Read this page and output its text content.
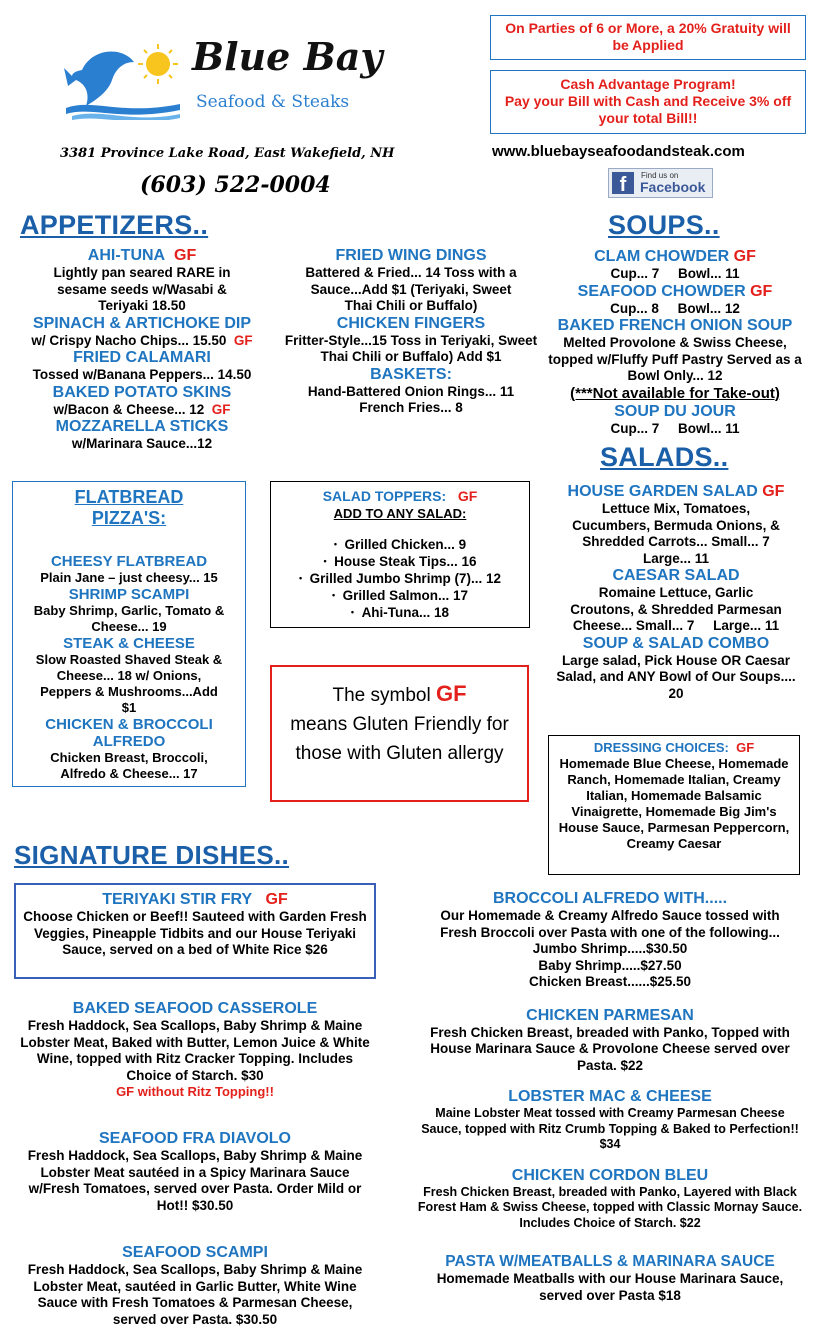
Blue Bay
Seafood & Steaks
3381 Province Lake Road, East Wakefield, NH
(603) 522-0004
On Parties of 6 or More, a 20% Gratuity will be Applied
Cash Advantage Program!
Pay your Bill with Cash and Receive 3% off your total Bill!!
www.bluebayseafoodandsteak.com
f	Find us on
Facebook
APPETIZERS..
AHI-TUNA GF
Lightly pan seared RARE in sesame seeds w/Wasabi & Teriyaki 18.50
SPINACH & ARTICHOKE DIP
w/ Crispy Nacho Chips... 15.50 GF
FRIED CALAMARI
Tossed w/Banana Peppers... 14.50
BAKED POTATO SKINS
w/Bacon & Cheese... 12 GF
MOZZARELLA STICKS
w/Marinara Sauce...12
FRIED WING DINGS
Battered & Fried... 14 Toss with a Sauce...Add $1 (Teriyaki, Sweet Thai Chili or Buffalo)
CHICKEN FINGERS
Fritter-Style...15 Toss in Teriyaki, Sweet Thai Chili or Buffalo) Add $1
BASKETS:
Hand-Battered Onion Rings... 11 French Fries... 8
SOUPS..
CLAM CHOWDER GF
Cup... 7     Bowl... 11
SEAFOOD CHOWDER GF
Cup... 8     Bowl... 12
BAKED FRENCH ONION SOUP
Melted Provolone & Swiss Cheese, topped w/Fluffy Puff Pastry Served as a Bowl Only... 12
(***Not available for Take-out)
SOUP DU JOUR
Cup... 7     Bowl... 11
SALADS..
HOUSE GARDEN SALAD GF
Lettuce Mix, Tomatoes, Cucumbers, Bermuda Onions, & Shredded Carrots... Small... 7     Large... 11
CAESAR SALAD
Romaine Lettuce, Garlic Croutons, & Shredded Parmesan Cheese... Small... 7     Large... 11
SOUP & SALAD COMBO
Large salad, Pick House OR Caesar Salad, and ANY Bowl of Our Soups.... 20
FLATBREAD PIZZA'S:
CHEESY FLATBREAD
Plain Jane – just cheesy... 15
SHRIMP SCAMPI
Baby Shrimp, Garlic, Tomato & Cheese... 19
STEAK & CHEESE
Slow Roasted Shaved Steak & Cheese... 18 w/ Onions, Peppers & Mushrooms...Add $1
CHICKEN & BROCCOLI ALFREDO
Chicken Breast, Broccoli, Alfredo & Cheese... 17
SALAD TOPPERS: GF
ADD TO ANY SALAD:
•   Grilled Chicken... 9
•   House Steak Tips... 16
•   Grilled Jumbo Shrimp (7)... 12
•   Grilled Salmon... 17
•   Ahi-Tuna... 18
The symbol GF
means Gluten Friendly for those with Gluten allergy	DRESSING CHOICES: GF
Homemade Blue Cheese, Homemade Ranch, Homemade Italian, Creamy Italian, Homemade Balsamic Vinaigrette, Homemade Big Jim's House Sauce, Parmesan Peppercorn, Creamy Caesar
SIGNATURE DISHES..
TERIYAKI STIR FRY GF
Choose Chicken or Beef!! Sauteed with Garden Fresh Veggies, Pineapple Tidbits and our House Teriyaki Sauce, served on a bed of White Rice $26
BAKED SEAFOOD CASSEROLE
Fresh Haddock, Sea Scallops, Baby Shrimp & Maine Lobster Meat, Baked with Butter, Lemon Juice & White Wine, topped with Ritz Cracker Topping. Includes Choice of Starch. $30
GF without Ritz Topping!!
SEAFOOD FRA DIAVOLO
Fresh Haddock, Sea Scallops, Baby Shrimp & Maine Lobster Meat sautéed in a Spicy Marinara Sauce w/Fresh Tomatoes, served over Pasta. Order Mild or Hot!! $30.50
SEAFOOD SCAMPI
Fresh Haddock, Sea Scallops, Baby Shrimp & Maine Lobster Meat, sautéed in Garlic Butter, White Wine Sauce with Fresh Tomatoes & Parmesan Cheese, served over Pasta. $30.50
BROCCOLI ALFREDO WITH.....
Our Homemade & Creamy Alfredo Sauce tossed with Fresh Broccoli over Pasta with one of the following...
Jumbo Shrimp.....$30.50
Baby Shrimp.....$27.50
Chicken Breast......$25.50
CHICKEN PARMESAN
Fresh Chicken Breast, breaded with Panko, Topped with House Marinara Sauce & Provolone Cheese served over Pasta. $22
LOBSTER MAC & CHEESE
Maine Lobster Meat tossed with Creamy Parmesan Cheese Sauce, topped with Ritz Crumb Topping & Baked to Perfection!! $34
CHICKEN CORDON BLEU
Fresh Chicken Breast, breaded with Panko, Layered with Black Forest Ham & Swiss Cheese, topped with Classic Mornay Sauce. Includes Choice of Starch. $22
PASTA W/MEATBALLS & MARINARA SAUCE
Homemade Meatballs with our House Marinara Sauce, served over Pasta $18
